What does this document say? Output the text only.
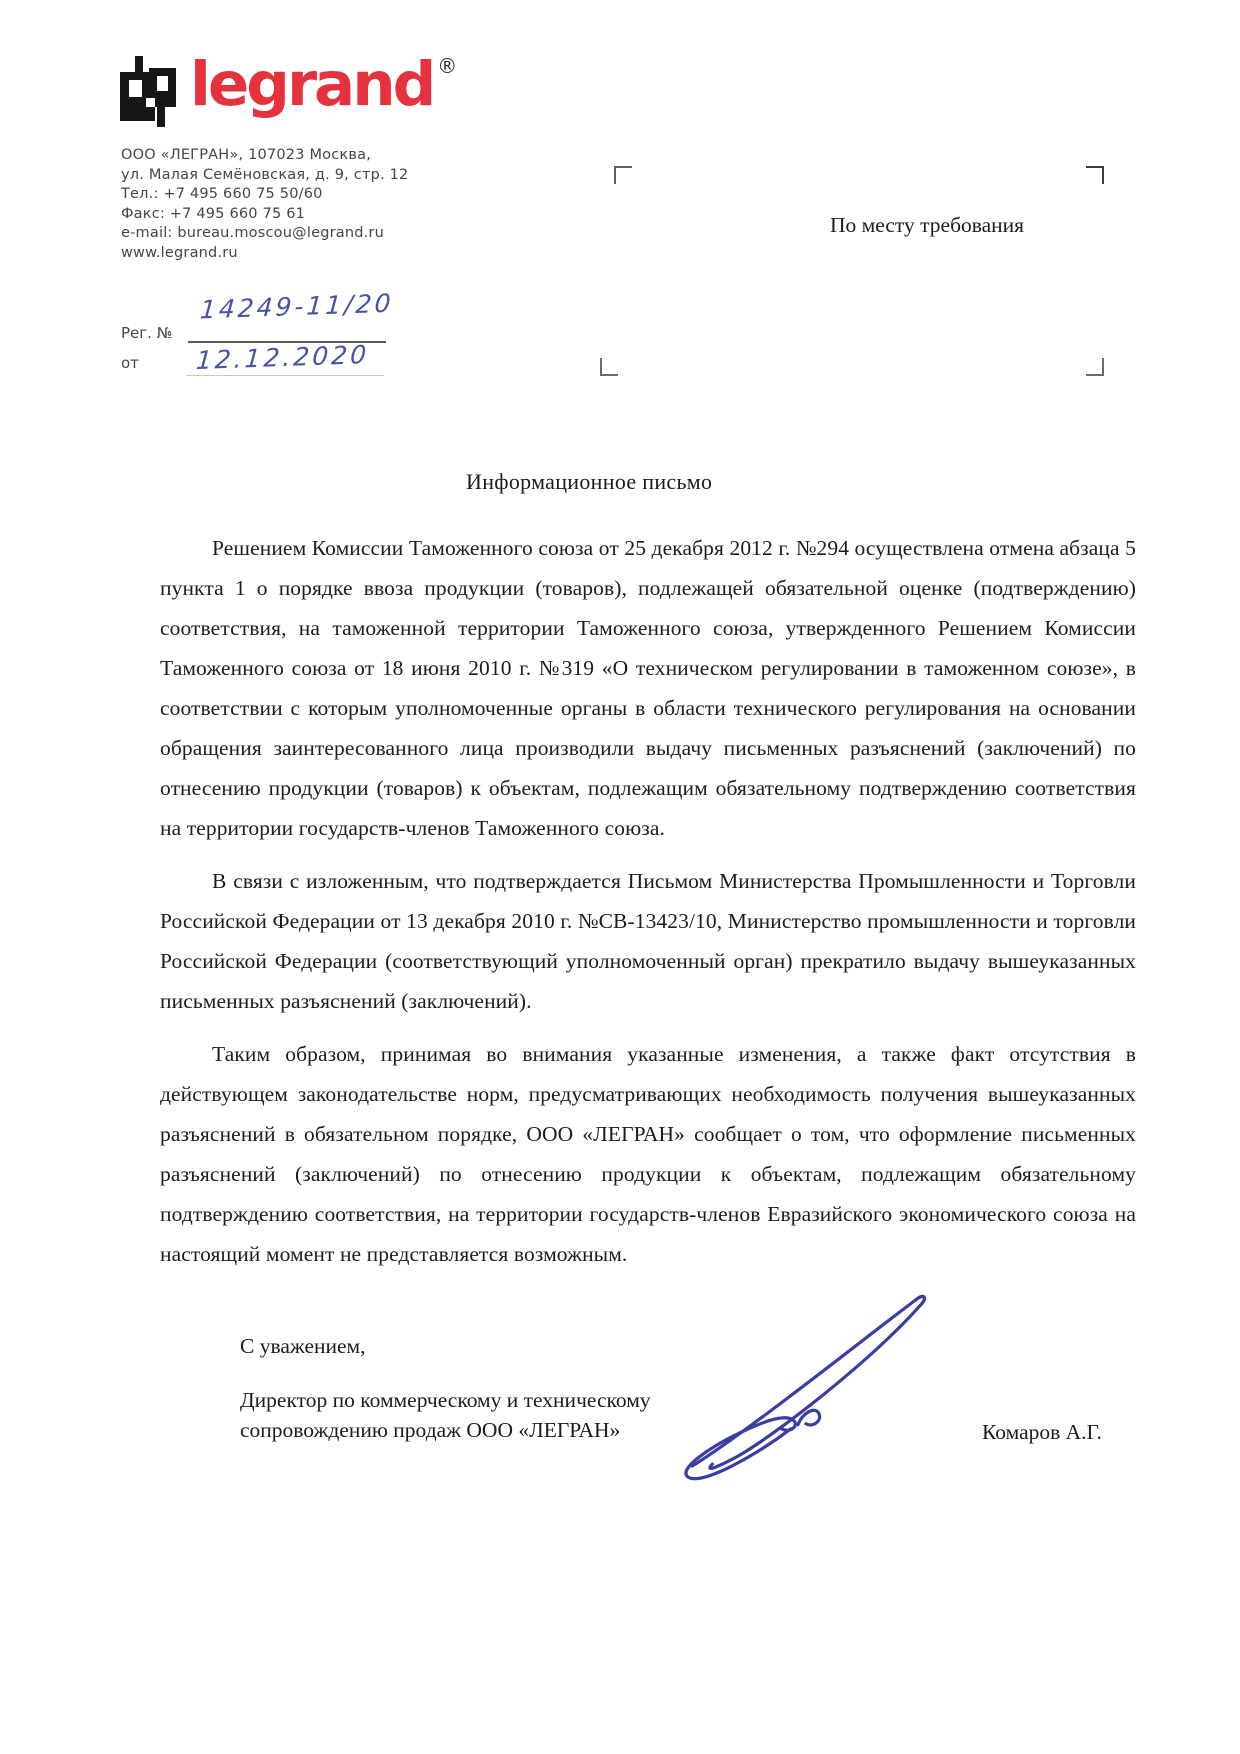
legrand ®
ООО «ЛЕГРАН», 107023 Москва,
ул. Малая Семёновская, д. 9, стр. 12
Тел.: +7 495 660 75 50/60
Факс: +7 495 660 75 61
e-mail: bureau.moscou@legrand.ru
www.legrand.ru
Рег. №
14249-11/20
от 12.12.2020
По месту требования
Информационное письмо

Решением Комиссии Таможенного союза от 25 декабря 2012 г. №294 осуществлена отмена абзаца 5 пункта 1 о порядке ввоза продукции (товаров), подлежащей обязательной оценке (подтверждению) соответствия, на таможенной территории Таможенного союза, утвержденного Решением Комиссии Таможенного союза от 18 июня 2010 г. №319 «О техническом регулировании в таможенном союзе», в соответствии с которым уполномоченные органы в области технического регулирования на основании обращения заинтересованного лица производили выдачу письменных разъяснений (заключений) по отнесению продукции (товаров) к объектам, подлежащим обязательному подтверждению соответствия на территории государств-членов Таможенного союза.

В связи с изложенным, что подтверждается Письмом Министерства Промышленности и Торговли Российской Федерации от 13 декабря 2010 г. №СВ-13423/10, Министерство промышленности и торговли Российской Федерации (соответствующий уполномоченный орган) прекратило выдачу вышеуказанных письменных разъяснений (заключений).

Таким образом, принимая во внимания указанные изменения, а также факт отсутствия в действующем законодательстве норм, предусматривающих необходимость получения вышеуказанных разъяснений в обязательном порядке, ООО «ЛЕГРАН» сообщает о том, что оформление письменных разъяснений (заключений) по отнесению продукции к объектам, подлежащим обязательному подтверждению соответствия, на территории государств-членов Евразийского экономического союза на настоящий момент не представляется возможным.

С уважением,
Директор по коммерческому и техническому
сопровождению продаж ООО «ЛЕГРАН»	Комаров А.Г.
